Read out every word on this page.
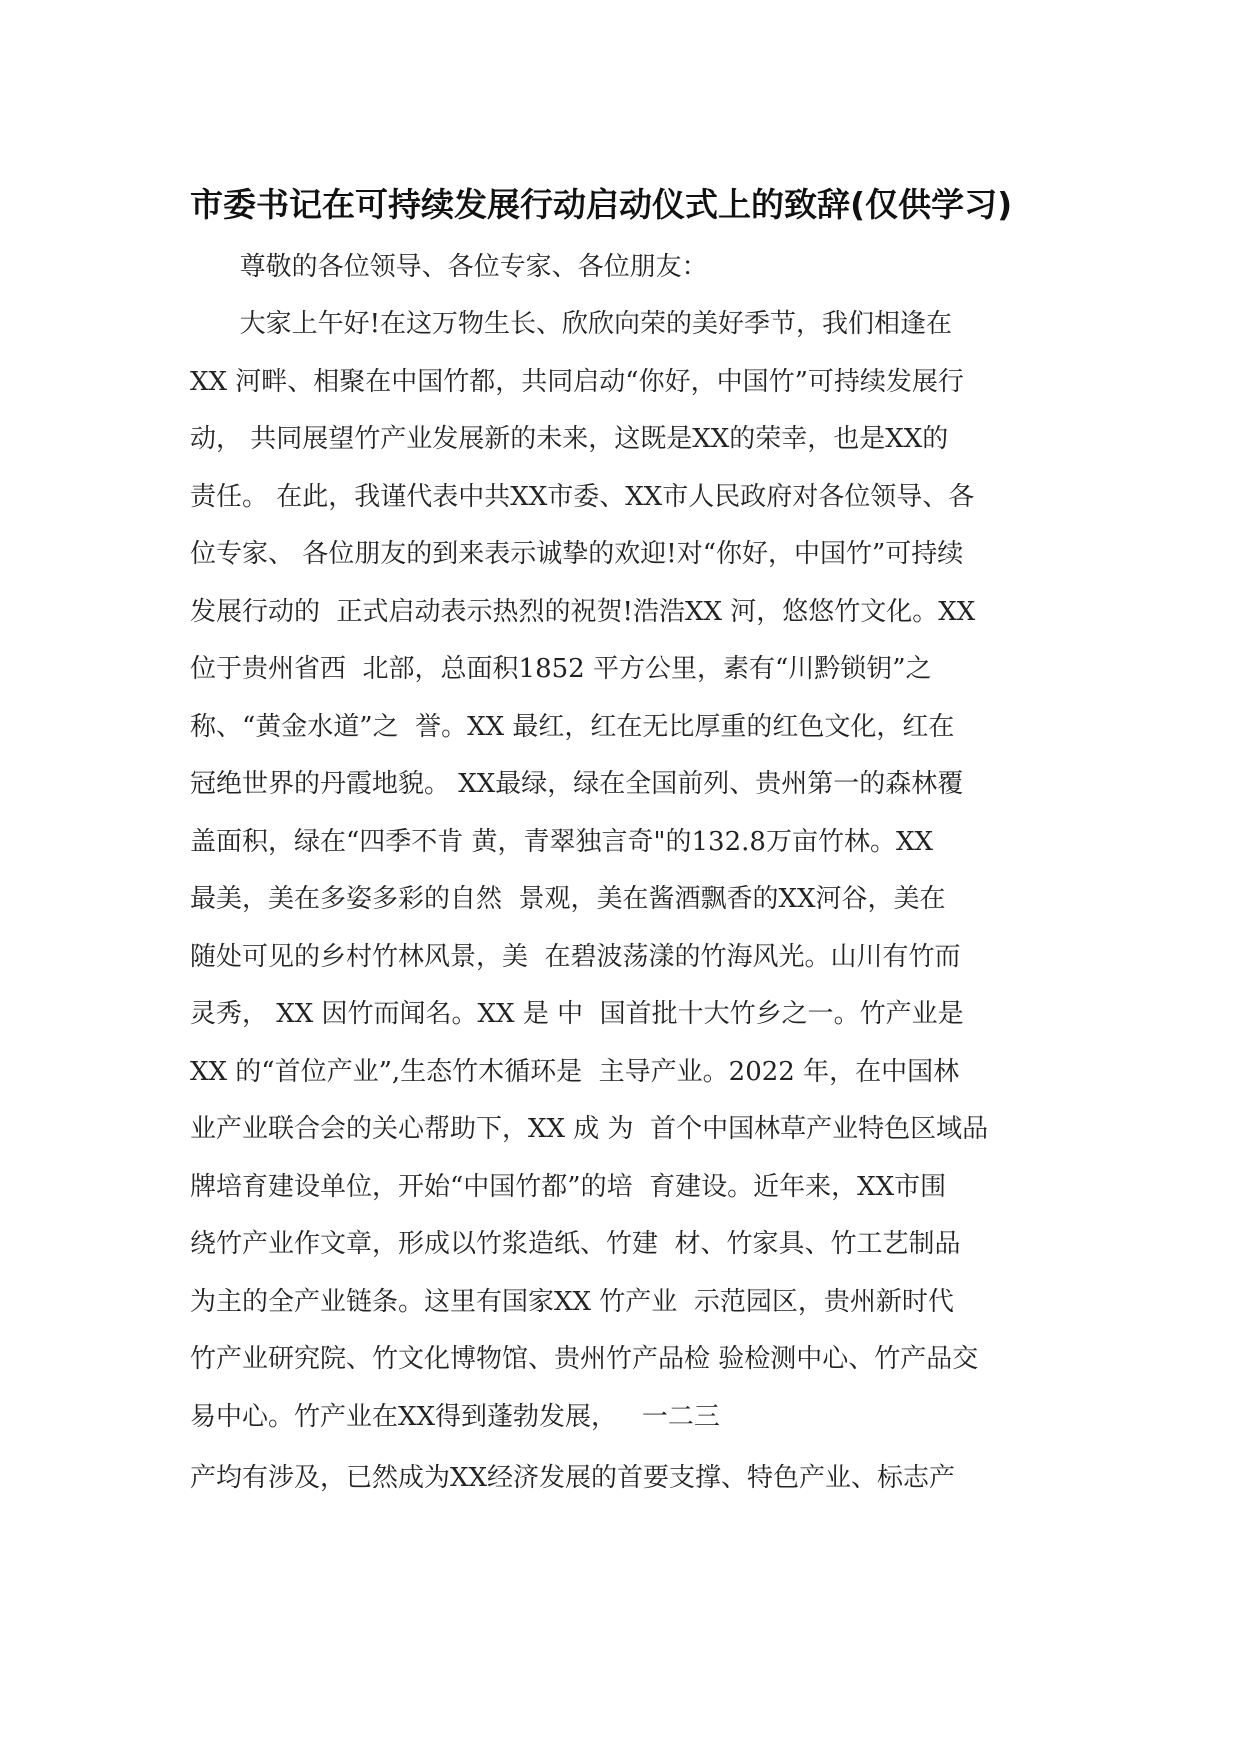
市委书记在可持续发展行动启动仪式上的致辞(仅供学习)

尊敬的各位领导、各位专家、各位朋友：

大家上午好!在这万物生长、欣欣向荣的美好季节，我们相逢在

XX 河畔、相聚在中国竹都，共同启动“你好，中国竹”可持续发展行

动， 共同展望竹产业发展新的未来，这既是XX的荣幸，也是XX的

责任。 在此，我谨代表中共XX市委、XX市人民政府对各位领导、各

位专家、 各位朋友的到来表示诚挚的欢迎!对“你好，中国竹”可持续

发展行动的  正式启动表示热烈的祝贺!浩浩XX 河，悠悠竹文化。XX

位于贵州省西  北部，总面积1852 平方公里，素有“川黔锁钥”之

称、“黄金水道”之  誉。XX 最红，红在无比厚重的红色文化，红在

冠绝世界的丹霞地貌。 XX最绿，绿在全国前列、贵州第一的森林覆

盖面积，绿在“四季不肯 黄，青翠独言奇"的132.8万亩竹林。XX

最美，美在多姿多彩的自然  景观，美在酱酒飘香的XX河谷，美在

随处可见的乡村竹林风景，美  在碧波荡漾的竹海风光。山川有竹而

灵秀， XX 因竹而闻名。XX 是 中  国首批十大竹乡之一。竹产业是

XX 的“首位产业”,生态竹木循环是  主导产业。2022 年，在中国林

业产业联合会的关心帮助下，XX 成 为  首个中国林草产业特色区域品

牌培育建设单位，开始“中国竹都”的培  育建设。近年来，XX市围

绕竹产业作文章，形成以竹浆造纸、竹建  材、竹家具、竹工艺制品

为主的全产业链条。这里有国家XX 竹产业  示范园区，贵州新时代

竹产业研究院、竹文化博物馆、贵州竹产品检 验检测中心、竹产品交

易中心。竹产业在XX得到蓬勃发展，   一二三

产均有涉及，已然成为XX经济发展的首要支撑、特色产业、标志产
